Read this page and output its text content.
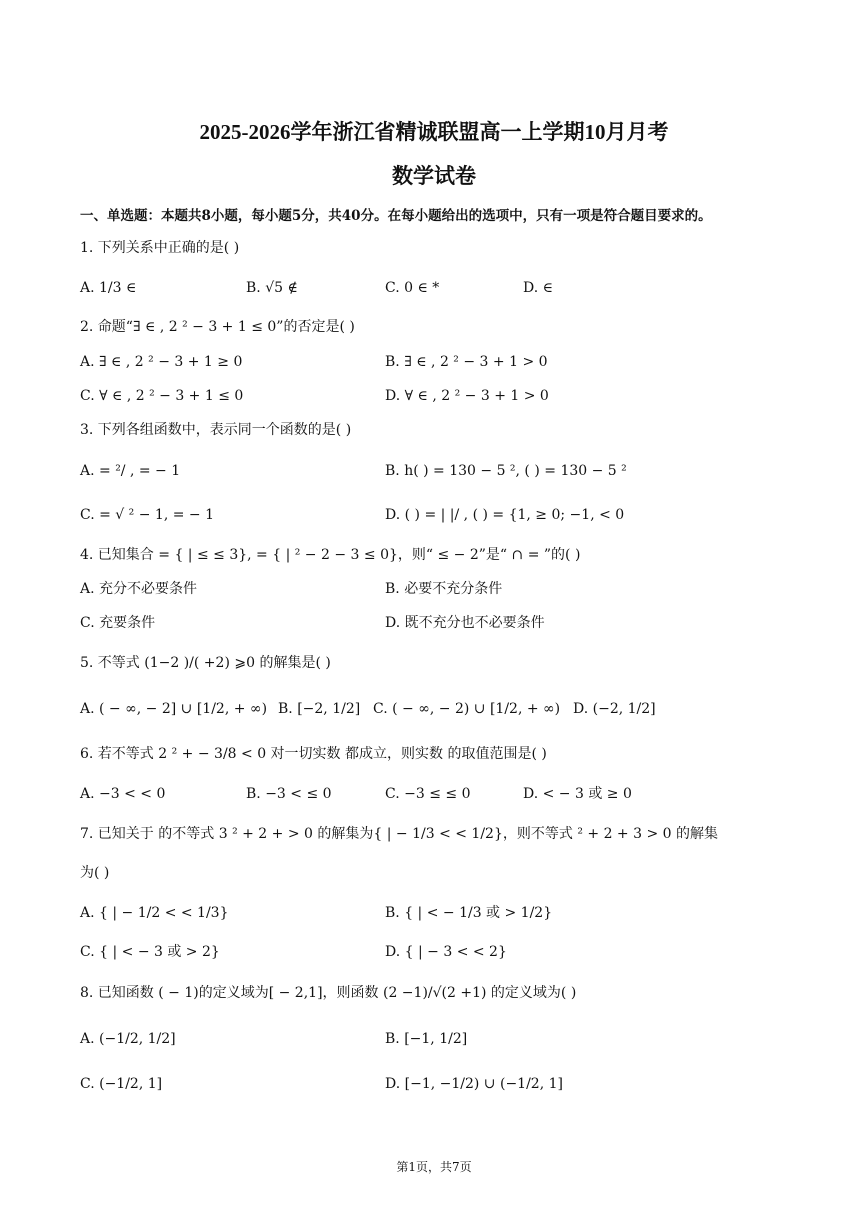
2025-2026学年浙江省精诚联盟高一上学期10月月考
数学试卷
一、单选题：本题共8小题，每小题5分，共40分。在每小题给出的选项中，只有一项是符合题目要求的。
1. 下列关系中正确的是( )
A. 1/3 ∈	B. √5 ∉	C. 0 ∈ *	D. ∈
2. 命题“∃ ∈ , 2 ² − 3 + 1 ≤ 0”的否定是( )
A. ∃ ∈ , 2 ² − 3 + 1 ≥ 0	B. ∃ ∈ , 2 ² − 3 + 1 > 0
C. ∀ ∈ , 2 ² − 3 + 1 ≤ 0	D. ∀ ∈ , 2 ² − 3 + 1 > 0
3. 下列各组函数中，表示同一个函数的是( )
A. = ²/ , = − 1	B. h( ) = 130 − 5 ², ( ) = 130 − 5 ²
C. = √ ² − 1, = − 1	D. ( ) = | |/ , ( ) = {1, ≥ 0; −1, < 0
4. 已知集合 = { | ≤ ≤ 3}, = { | ² − 2 − 3 ≤ 0}，则“ ≤ − 2”是“ ∩ = ”的( )
A. 充分不必要条件	B. 必要不充分条件
C. 充要条件	D. 既不充分也不必要条件
5. 不等式 (1−2 )/( +2) ⩾0 的解集是( )
A. ( − ∞, − 2] ∪ [1/2, + ∞) B. [−2, 1/2] C. ( − ∞, − 2) ∪ [1/2, + ∞) D. (−2, 1/2]
6. 若不等式 2 ² + − 3/8 < 0 对一切实数 都成立，则实数 的取值范围是( )
A. −3 < < 0	B. −3 < ≤ 0	C. −3 ≤ ≤ 0	D. < − 3 或 ≥ 0
7. 已知关于 的不等式 3 ² + 2 + > 0 的解集为{ | − 1/3 < < 1/2}，则不等式 ² + 2 + 3 > 0 的解集
为( )
A. { | − 1/2 < < 1/3}	B. { | < − 1/3 或 > 1/2}
C. { | < − 3 或 > 2}	D. { | − 3 < < 2}
8. 已知函数 ( − 1)的定义域为[ − 2,1]，则函数 (2 −1)/√(2 +1) 的定义域为( )
A. (−1/2, 1/2]	B. [−1, 1/2]
C. (−1/2, 1]	D. [−1, −1/2) ∪ (−1/2, 1]
第1页，共7页
